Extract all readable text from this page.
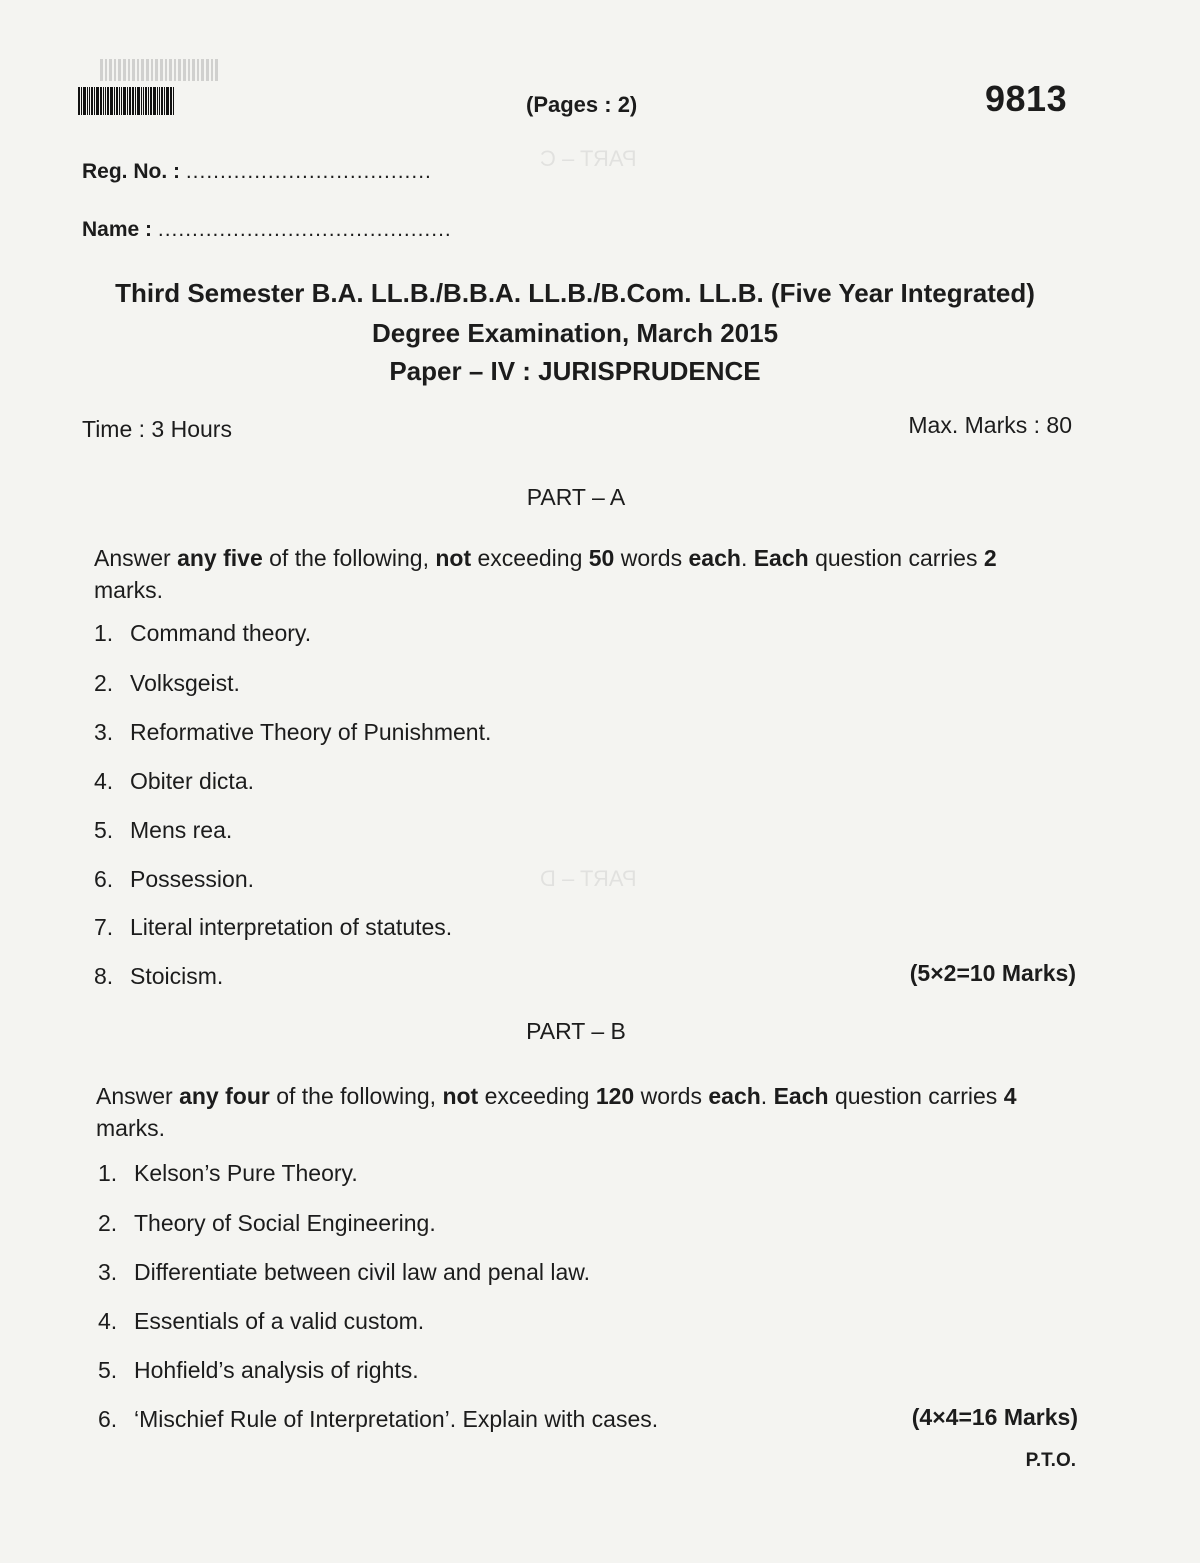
PART – C
PART – D
(Pages : 2)	9813
Reg. No. : ....................................
Name : ...........................................
Third Semester B.A. LL.B./B.B.A. LL.B./B.Com. LL.B. (Five Year Integrated)
Degree Examination, March 2015
Paper – IV : JURISPRUDENCE
Time : 3 Hours	Max. Marks : 80
PART – A
Answer any five of the following, not exceeding 50 words each. Each question carries 2 marks.
1. Command theory.
2. Volksgeist.
3. Reformative Theory of Punishment.
4. Obiter dicta.
5. Mens rea.
6. Possession.
7. Literal interpretation of statutes.
8. Stoicism.	(5×2=10 Marks)
PART – B
Answer any four of the following, not exceeding 120 words each. Each question carries 4 marks.
1. Kelson’s Pure Theory.
2. Theory of Social Engineering.
3. Differentiate between civil law and penal law.
4. Essentials of a valid custom.
5. Hohfield’s analysis of rights.
6. ‘Mischief Rule of Interpretation’. Explain with cases.	(4×4=16 Marks)
P.T.O.
